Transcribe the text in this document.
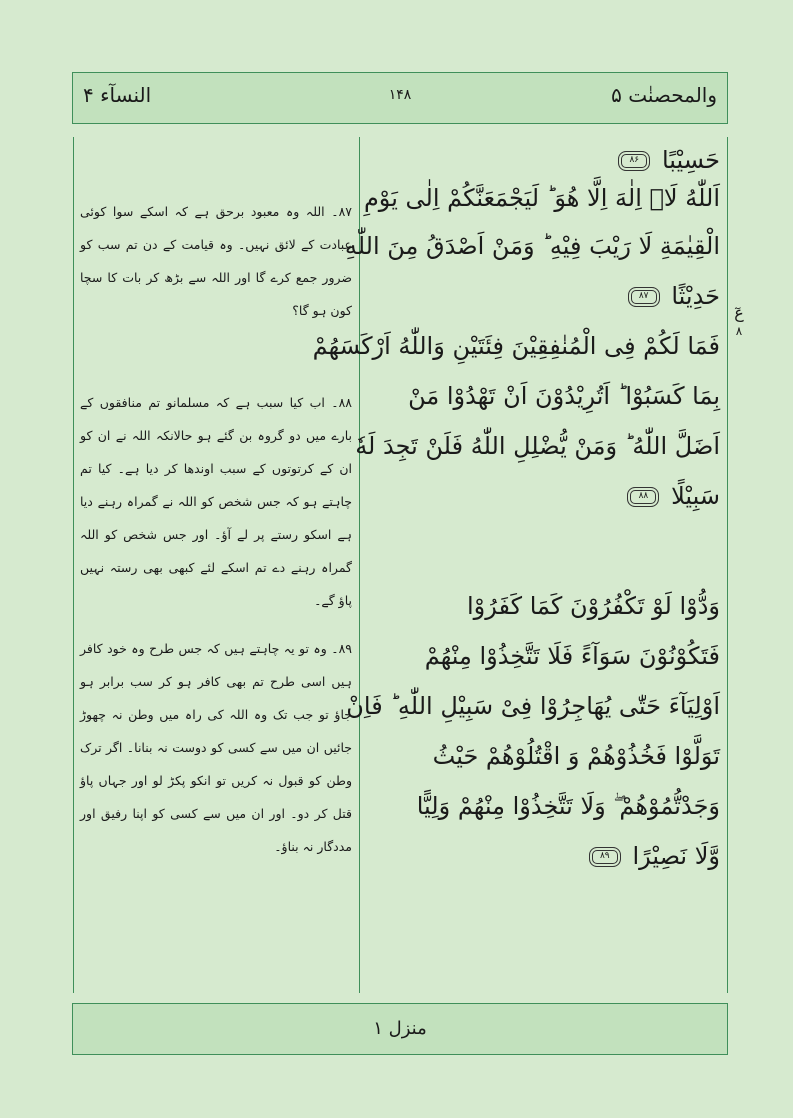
والمحصنٰت ۵
۱۴۸
النسآء ۴
حَسِيْبًا ۸۶
اَللّٰهُ لَاۤ اِلٰهَ اِلَّا هُوَ ؕ لَيَجْمَعَنَّكُمْ اِلٰى يَوْمِ
الْقِيٰمَةِ لَا رَيْبَ فِيْهِ ؕ وَمَنْ اَصْدَقُ مِنَ اللّٰهِ
حَدِيْثًا ۸۷
فَمَا لَكُمْ فِى الْمُنٰفِقِيْنَ فِئَتَيْنِ وَاللّٰهُ اَرْكَسَهُمْ
بِمَا كَسَبُوْا ؕ اَتُرِيْدُوْنَ اَنْ تَهْدُوْا مَنْ
اَضَلَّ اللّٰهُ ؕ وَمَنْ يُّضْلِلِ اللّٰهُ فَلَنْ تَجِدَ لَهٗ
سَبِيْلًا ۸۸
وَدُّوْا لَوْ تَكْفُرُوْنَ كَمَا كَفَرُوْا
فَتَكُوْنُوْنَ سَوَآءً فَلَا تَتَّخِذُوْا مِنْهُمْ
اَوْلِيَآءَ حَتّٰى يُهَاجِرُوْا فِىْ سَبِيْلِ اللّٰهِ ؕ فَاِنْ
تَوَلَّوْا فَخُذُوْهُمْ وَ اقْتُلُوْهُمْ حَيْثُ
وَجَدْتُّمُوْهُمْ ۖ وَلَا تَتَّخِذُوْا مِنْهُمْ وَلِيًّا
وَّلَا نَصِيْرًا ۸۹
عٓ
۸
۸۷۔ اللہ وہ معبود برحق ہے کہ اسکے سوا کوئی عبادت کے لائق نہیں۔ وہ قیامت کے دن تم سب کو ضرور جمع کرے گا اور اللہ سے بڑھ کر بات کا سچا کون ہو گا؟
۸۸۔ اب کیا سبب ہے کہ مسلمانو تم منافقوں کے بارے میں دو گروہ بن گئے ہو حالانکہ اللہ نے ان کو ان کے کرتوتوں کے سبب اوندھا کر دیا ہے۔ کیا تم چاہتے ہو کہ جس شخص کو اللہ نے گمراہ رہنے دیا ہے اسکو رستے پر لے آؤ۔ اور جس شخص کو اللہ گمراہ رہنے دے تم اسکے لئے کبھی بھی رستہ نہیں پاؤ گے۔
۸۹۔ وہ تو یہ چاہتے ہیں کہ جس طرح وہ خود کافر ہیں اسی طرح تم بھی کافر ہو کر سب برابر ہو جاؤ تو جب تک وہ اللہ کی راہ میں وطن نہ چھوڑ جائیں ان میں سے کسی کو دوست نہ بنانا۔ اگر ترک وطن کو قبول نہ کریں تو انکو پکڑ لو اور جہاں پاؤ قتل کر دو۔ اور ان میں سے کسی کو اپنا رفیق اور مددگار نہ بناؤ۔
منزل ۱
